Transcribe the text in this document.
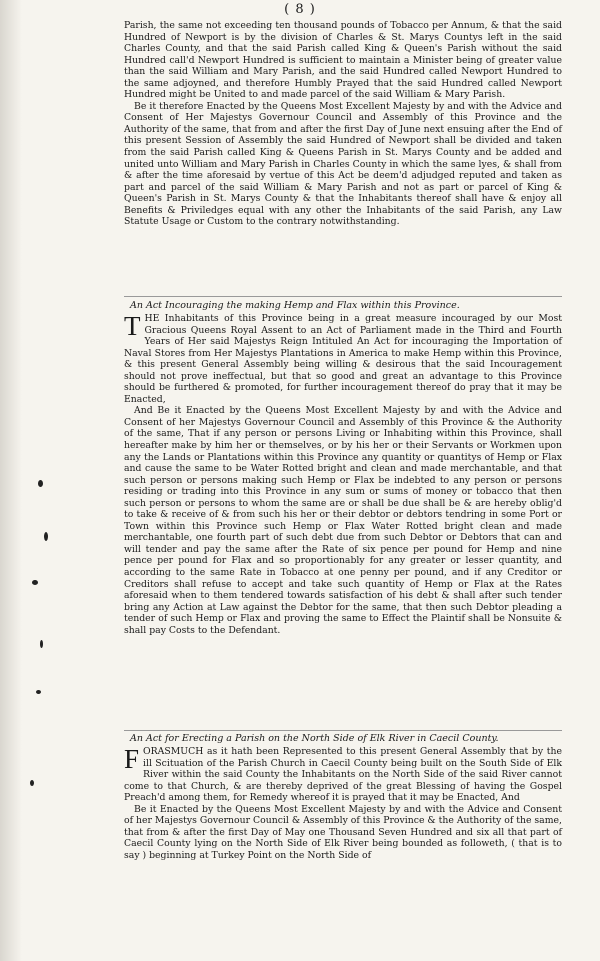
( 8 )

Parish, the same not exceeding ten thousand pounds of Tobacco per Annum, & that the said Hundred of Newport is by the division of Charles & St. Marys Countys left in the said Charles County, and that the said Parish called King & Queen's Parish without the said Hundred call'd Newport Hundred is sufficient to maintain a Minister being of greater value than the said William and Mary Parish, and the said Hundred called Newport Hundred to the same adjoyned, and therefore Humbly Prayed that the said Hundred called Newport Hundred might be United to and made parcel of the said William & Mary Parish.

Be it therefore Enacted by the Queens Most Excellent Majesty by and with the Advice and Consent of Her Majestys Governour Council and Assembly of this Province and the Authority of the same, that from and after the first Day of June next ensuing after the End of this present Session of Assembly the said Hundred of Newport shall be divided and taken from the said Parish called King & Queens Parish in St. Marys County and be added and united unto William and Mary Parish in Charles County in which the same lyes, & shall from & after the time aforesaid by vertue of this Act be deem'd adjudged reputed and taken as part and parcel of the said William & Mary Parish and not as part or parcel of King & Queen's Parish in St. Marys County & that the Inhabitants thereof shall have & enjoy all Benefits & Priviledges equal with any other the Inhabitants of the said Parish, any Law Statute Usage or Custom to the contrary notwithstanding.

An Act Incouraging the making Hemp and Flax within this Province.

THE Inhabitants of this Province being in a great measure incouraged by our Most Gracious Queens Royal Assent to an Act of Parliament made in the Third and Fourth Years of Her said Majestys Reign Intituled An Act for incouraging the Importation of Naval Stores from Her Majestys Plantations in America to make Hemp within this Province, & this present General Assembly being willing & desirous that the said Incouragement should not prove ineffectual, but that so good and great an advantage to this Province should be furthered & promoted, for further incouragement thereof do pray that it may be Enacted,

And Be it Enacted by the Queens Most Excellent Majesty by and with the Advice and Consent of her Majestys Governour Council and Assembly of this Province & the Authority of the same, That if any person or persons Living or Inhabiting within this Province, shall hereafter make by him her or themselves, or by his her or their Servants or Workmen upon any the Lands or Plantations within this Province any quantity or quantitys of Hemp or Flax and cause the same to be Water Rotted bright and clean and made merchantable, and that such person or persons making such Hemp or Flax be indebted to any person or persons residing or trading into this Province in any sum or sums of money or tobacco that then such person or persons to whom the same are or shall be due shall be & are hereby oblig'd to take & receive of & from such his her or their debtor or debtors tendring in some Port or Town within this Province such Hemp or Flax Water Rotted bright clean and made merchantable, one fourth part of such debt due from such Debtor or Debtors that can and will tender and pay the same after the Rate of six pence per pound for Hemp and nine pence per pound for Flax and so proportionably for any greater or lesser quantity, and according to the same Rate in Tobacco at one penny per pound, and if any Creditor or Creditors shall refuse to accept and take such quantity of Hemp or Flax at the Rates aforesaid when to them tendered towards satisfaction of his debt & shall after such tender bring any Action at Law against the Debtor for the same, that then such Debtor pleading a tender of such Hemp or Flax and proving the same to Effect the Plaintif shall be Nonsuite & shall pay Costs to the Defendant.

An Act for Erecting a Parish on the North Side of Elk River in Caecil County.

FORASMUCH as it hath been Represented to this present General Assembly that by the ill Scituation of the Parish Church in Caecil County being built on the South Side of Elk River within the said County the Inhabitants on the North Side of the said River cannot come to that Church, & are thereby deprived of the great Blessing of having the Gospel Preach'd among them, for Remedy whereof it is prayed that it may be Enacted, And

Be it Enacted by the Queens Most Excellent Majesty by and with the Advice and Consent of her Majestys Governour Council & Assembly of this Province & the Authority of the same, that from & after the first Day of May one Thousand Seven Hundred and six all that part of Caecil County lying on the North Side of Elk River being bounded as followeth, ( that is to say ) beginning at Turkey Point on the North Side of
